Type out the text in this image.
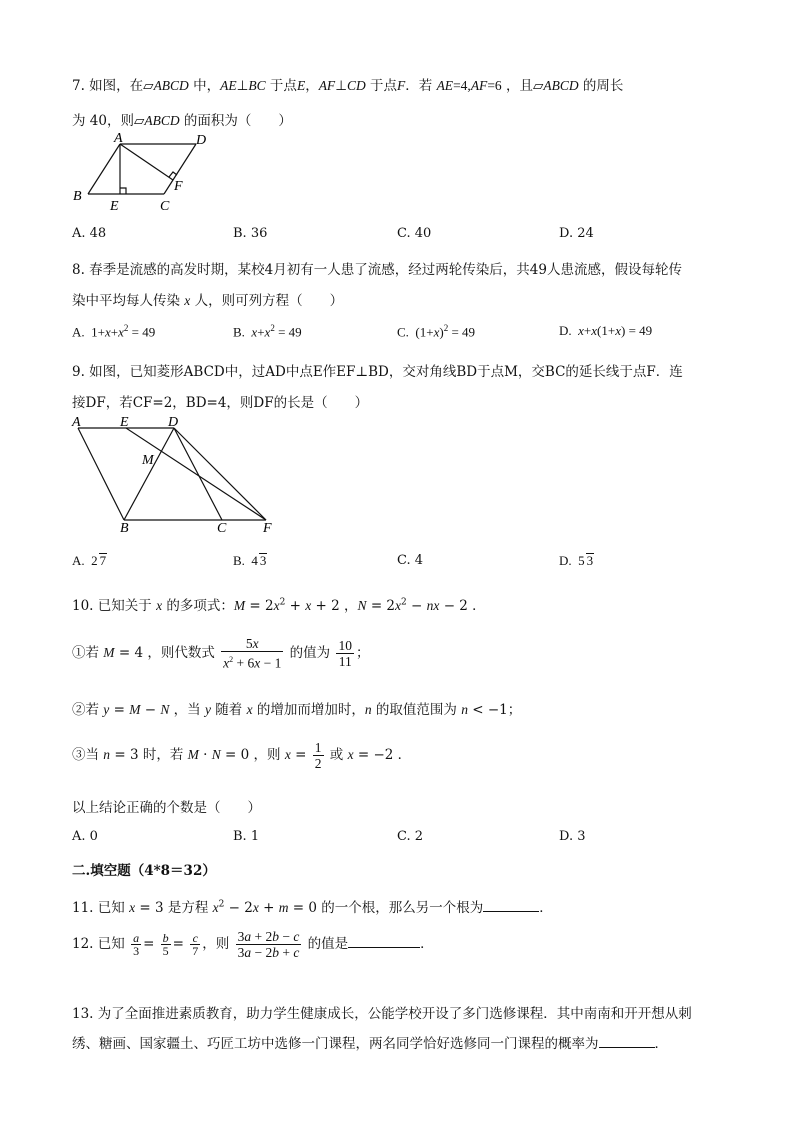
7. 如图，在▱ABCD 中，AE⊥BC 于点E，AF⊥CD 于点F．若 AE=4,AF=6 ，且▱ABCD 的周长
为 40，则▱ABCD 的面积为（　　）
A	D
B
E	C
F
A. 48	B. 36	C. 40	D. 24
8. 春季是流感的高发时期，某校4月初有一人患了流感，经过两轮传染后，共49人患流感，假设每轮传
染中平均每人传染 x 人，则可列方程（　　）
A.  $1+x+x^2 = 49$	B.  $x+x^2 = 49$	C.  $(1+x)^2 = 49$	D.  x+x(1+x) = 49
9. 如图，已知菱形ABCD中，过AD中点E作EF⊥BD，交对角线BD于点M，交BC的延长线于点F．连
接DF，若CF=2，BD=4，则DF的长是（　　）
A	E	D
M
B	C	F
A.  2 7	B.  4 3	C. 4	D.  5 3
10. 已知关于 x 的多项式：$M = 2x^2 + x + 2$ ，$N = 2x^2$ − nx − 2 ．
①若 M = 4 ，则代数式 $\frac{5x}{x^2 + 6x - 1}$ 的值为 $\frac{10}{11}$ ；
②若 y = M − N ，当 y 随着 x 的增加而增加时，n 的取值范围为 n < −1；
③当 n = 3 时，若 M · N = 0 ，则 $x = \frac{1}{2}$ 或 x = −2 ．
以上结论正确的个数是（　　）
A. 0	B. 1	C. 2	D. 3
二.填空题（4*8＝32）
11. 已知 x = 3 是方程 $x^2 - 2x + m = 0$ 的一个根，那么另一个根为	．
12. 已知 $\frac{a}{3} = \frac{b}{5} = \frac{c}{7}$ ，则 $\frac{3a + 2b - c}{3a - 2b + c}$ 的值是	．
13. 为了全面推进素质教育，助力学生健康成长，公能学校开设了多门选修课程．其中南南和开开想从刺
绣、糖画、国家疆土、巧匠工坊中选修一门课程，两名同学恰好选修同一门课程的概率为	．
